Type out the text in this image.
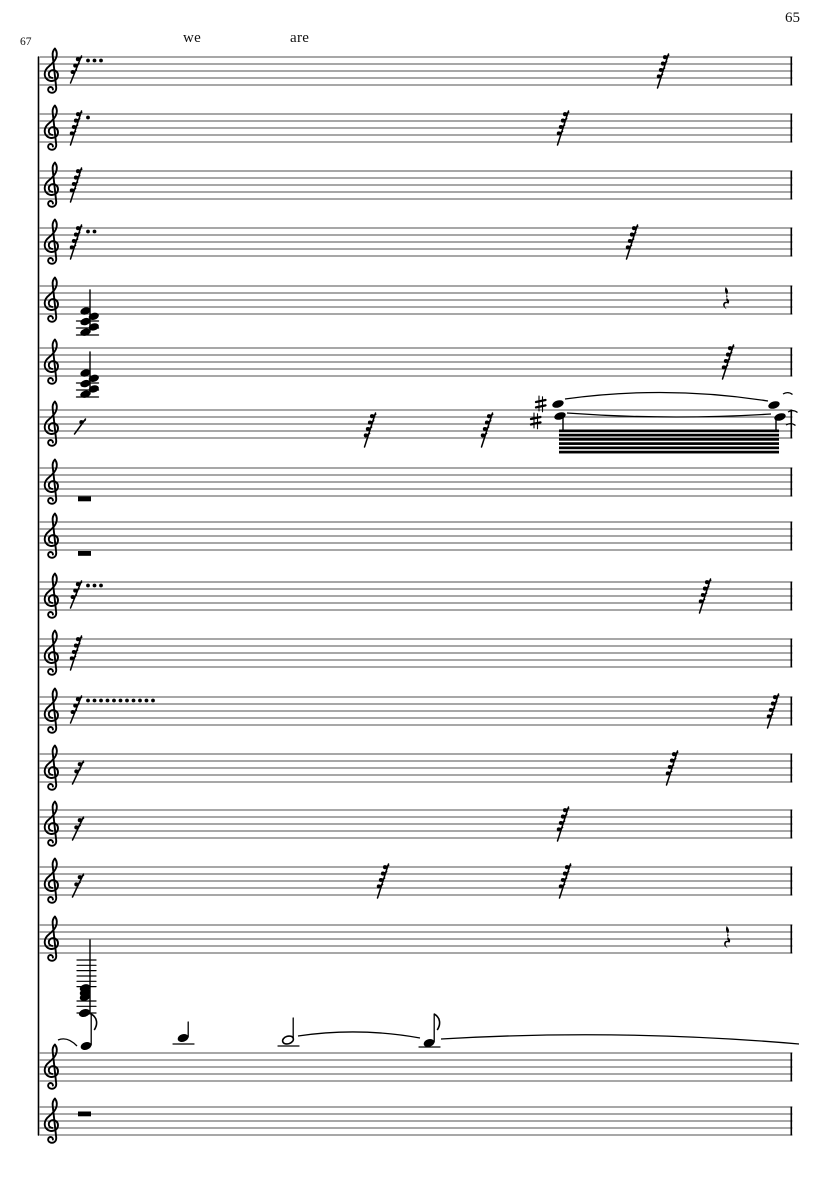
65
67	we	are
